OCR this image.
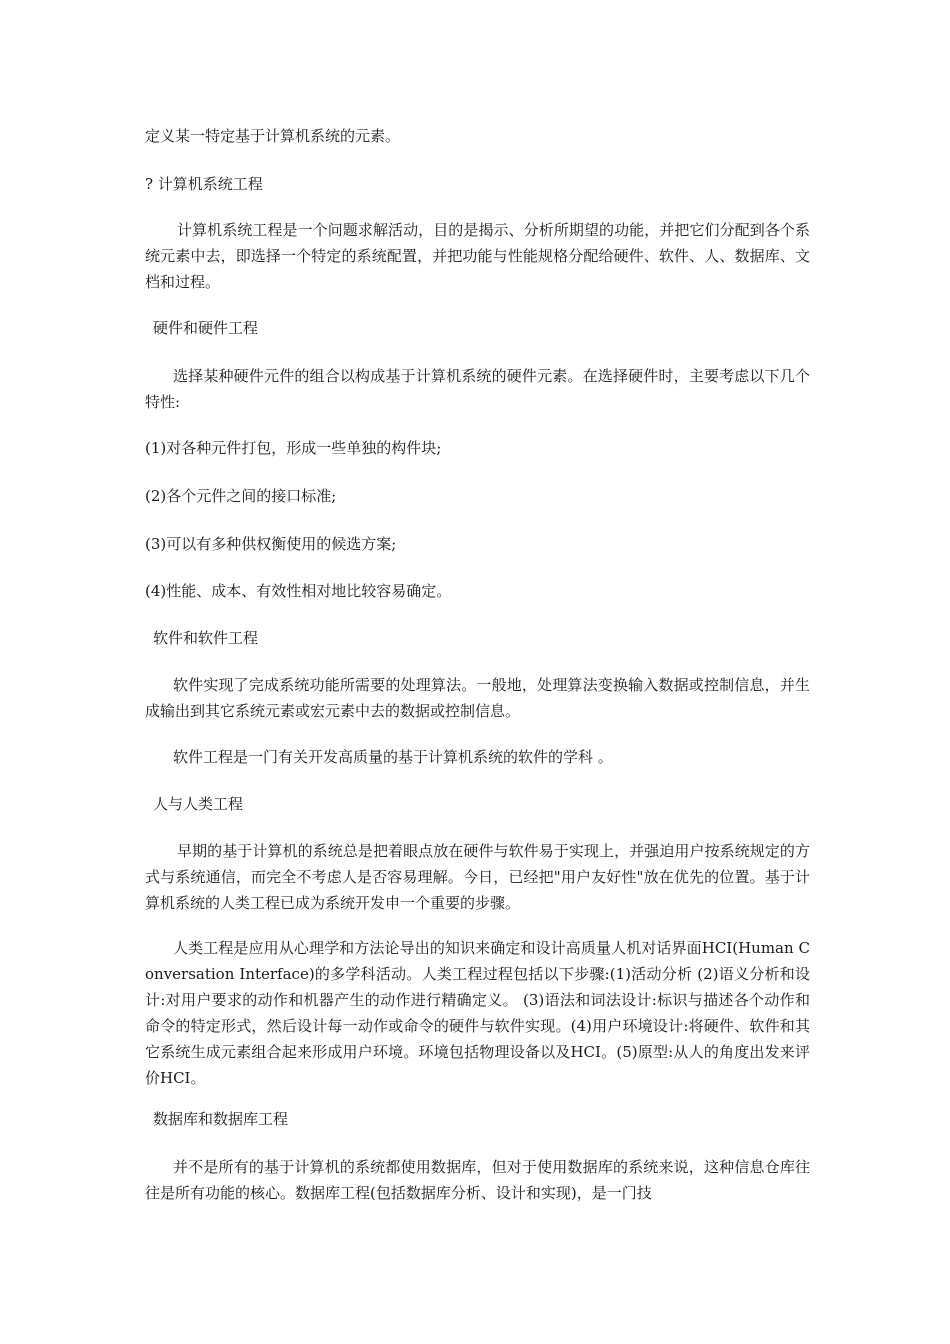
定义某一特定基于计算机系统的元素。

? 计算机系统工程

计算机系统工程是一个问题求解活动，目的是揭示、分析所期望的功能，并把它们分配到各个系统元素中去，即选择一个特定的系统配置，并把功能与性能规格分配给硬件、软件、人、数据库、文档和过程。

硬件和硬件工程

选择某种硬件元件的组合以构成基于计算机系统的硬件元素。在选择硬件时，主要考虑以下几个特性:

(1)对各种元件打包，形成一些单独的构件块;

(2)各个元件之间的接口标准;

(3)可以有多种供权衡使用的候选方案;

(4)性能、成本、有效性相对地比较容易确定。

软件和软件工程

软件实现了完成系统功能所需要的处理算法。一般地，处理算法变换输入数据或控制信息，并生成输出到其它系统元素或宏元素中去的数据或控制信息。

软件工程是一门有关开发高质量的基于计算机系统的软件的学科 。

人与人类工程

早期的基于计算机的系统总是把着眼点放在硬件与软件易于实现上，并强迫用户按系统规定的方式与系统通信，而完全不考虑人是否容易理解。今日，已经把"用户友好性"放在优先的位置。基于计算机系统的人类工程已成为系统开发申一个重要的步骤。

人类工程是应用从心理学和方法论导出的知识来确定和设计高质量人机对话界面HCI(Human Conversation Interface)的多学科活动。人类工程过程包括以下步骤:(1)活动分析 (2)语义分析和设计:对用户要求的动作和机器产生的动作进行精确定义。 (3)语法和词法设计:标识与描述各个动作和命令的特定形式，然后设计每一动作或命令的硬件与软件实现。(4)用户环境设计:将硬件、软件和其它系统生成元素组合起来形成用户环境。环境包括物理设备以及HCI。(5)原型:从人的角度出发来评价HCI。

数据库和数据库工程

并不是所有的基于计算机的系统都使用数据库，但对于使用数据库的系统来说，这种信息仓库往往是所有功能的核心。数据库工程(包括数据库分析、设计和实现)，是一门技
